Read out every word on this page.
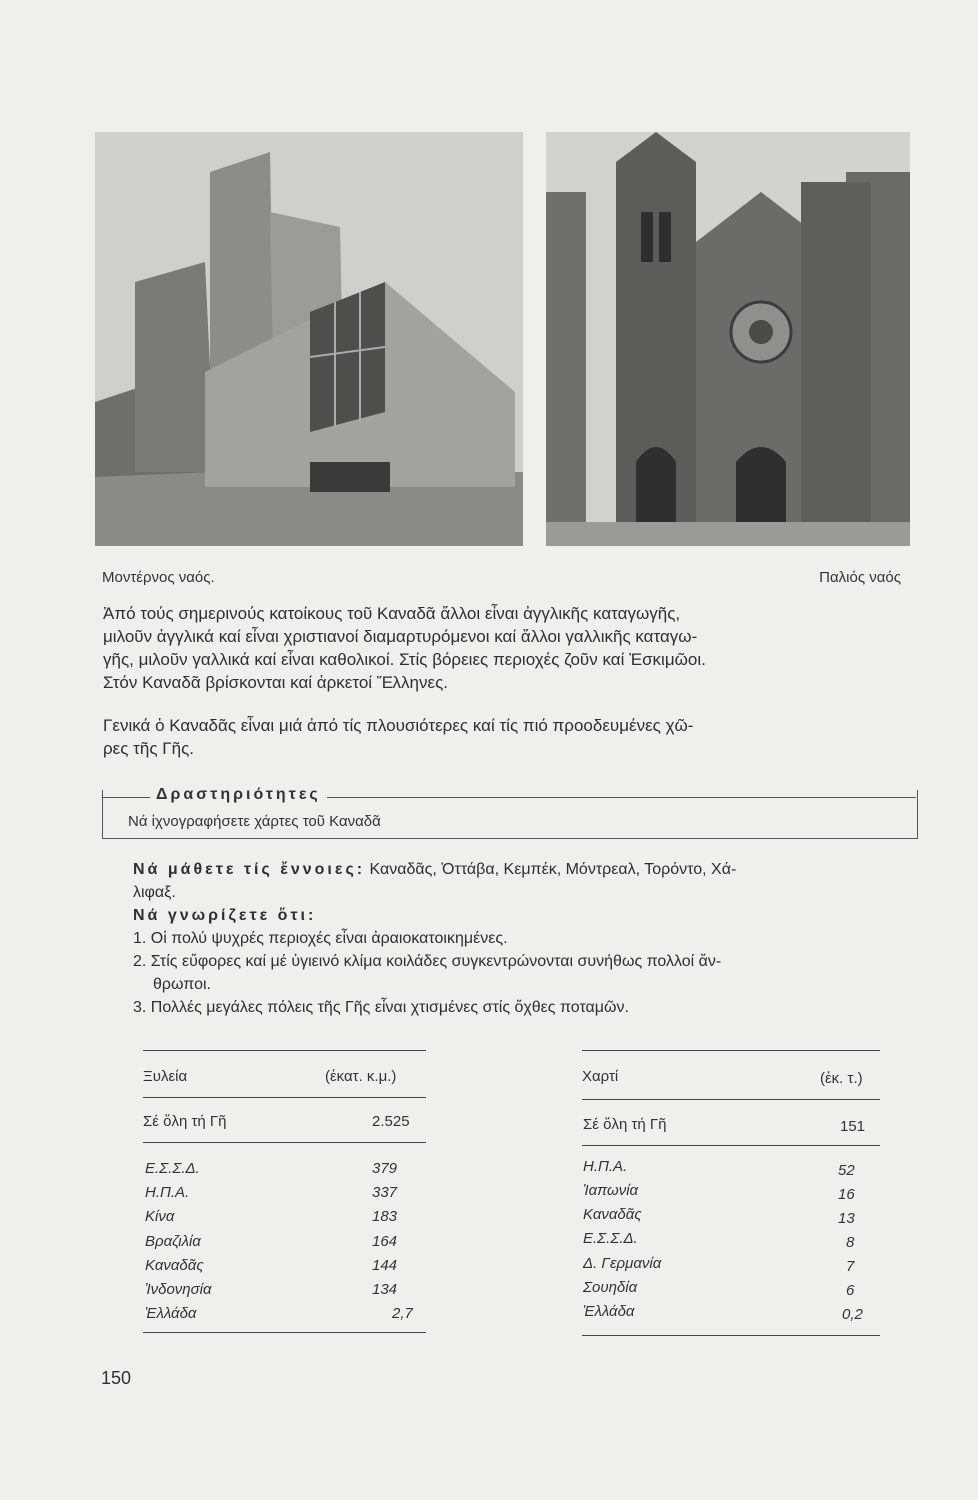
Μοντέρνος ναός.	Παλιός ναός
Ἀπό τούς σημερινούς κατοίκους τοῦ Καναδᾶ ἄλλοι εἶναι ἀγγλικῆς καταγωγῆς,
μιλοῦν ἀγγλικά καί εἶναι χριστιανοί διαμαρτυρόμενοι καί ἄλλοι γαλλικῆς καταγω-
γῆς, μιλοῦν γαλλικά καί εἶναι καθολικοί. Στίς βόρειες περιοχές ζοῦν καί Ἐσκιμῶοι.
Στόν Καναδᾶ βρίσκονται καί ἀρκετοί Ἕλληνες.
Γενικά ὁ Καναδᾶς εἶναι μιά ἀπό τίς πλουσιότερες καί τίς πιό προοδευμένες χῶ-
ρες τῆς Γῆς.
Δραστηριότητες
Νά ἰχνογραφήσετε χάρτες τοῦ Καναδᾶ
Νά μάθετε τίς ἔννοιες: Καναδᾶς, Ὀττάβα, Κεμπέκ, Μόντρεαλ, Τορόντο, Χά-
λιφαξ.
Νά γνωρίζετε ὅτι:
1. Οἱ πολύ ψυχρές περιοχές εἶναι ἀραιοκατοικημένες.
2. Στίς εὔφορες καί μέ ὑγιεινό κλίμα κοιλάδες συγκεντρώνονται συνήθως πολλοί ἄν-
θρωποι.
3. Πολλές μεγάλες πόλεις τῆς Γῆς εἶναι χτισμένες στίς ὄχθες ποταμῶν.
Ξυλεία	(ἑκατ. κ.μ.)
Σέ ὅλη τή Γῆ	2.525
Ε.Σ.Σ.Δ.	379
Η.Π.Α.	337
Κίνα	183
Βραζιλία	164
Καναδᾶς	144
Ἰνδονησία	134
Ἑλλάδα	2,7
Χαρτί	(ἑκ. τ.)
Σέ ὅλη τή Γῆ	151
Η.Π.Α.	52
Ἰαπωνία	16
Καναδᾶς	13
Ε.Σ.Σ.Δ.	8
Δ. Γερμανία	7
Σουηδία	6
Ἑλλάδα	0,2
150
